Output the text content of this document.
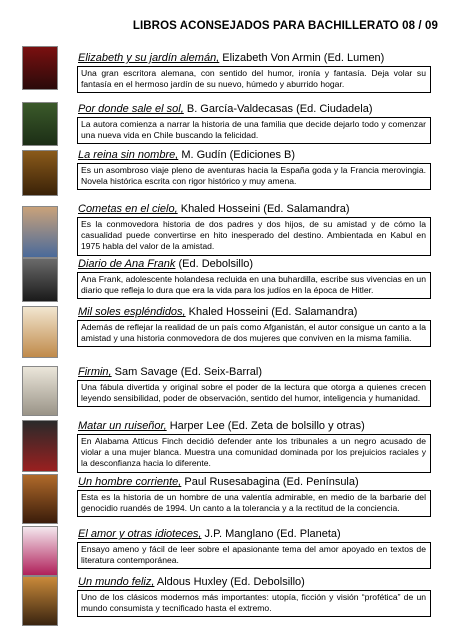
LIBROS ACONSEJADOS PARA BACHILLERATO 08 / 09
Elizabeth y su jardín alemán, Elizabeth Von Armin (Ed. Lumen)
Una gran escritora alemana, con sentido del humor, ironía y fantasía. Deja volar su fantasía en el hermoso jardín de su nuevo, húmedo y aburrido hogar.
Por donde sale el sol, B. García-Valdecasas (Ed. Ciudadela)
La autora comienza a narrar la historia de una familia que decide dejarlo todo y comenzar una nueva vida en Chile buscando la felicidad.
La reina sin nombre, M. Gudín (Ediciones B)
Es un asombroso viaje pleno de aventuras hacia la España goda y la Francia merovingia. Novela histórica escrita con rigor histórico y muy amena.
Cometas en el cielo, Khaled Hosseini (Ed. Salamandra)
Es la conmovedora historia de dos padres y dos hijos, de su amistad y de cómo la casualidad puede convertirse en hito inesperado del destino. Ambientada en Kabul en 1975 habla del valor de la amistad.
Diario de Ana Frank (Ed. Debolsillo)
Ana Frank, adolescente holandesa recluida en una buhardilla, escribe sus vivencias en un diario que refleja lo dura que era la vida para los judíos en la época de Hitler.
Mil soles espléndidos, Khaled Hosseini (Ed. Salamandra)
Además de reflejar la realidad de un país como Afganistán, el autor consigue un canto a la amistad y una historia conmovedora de dos mujeres que conviven en la misma familia.
Firmin, Sam Savage (Ed. Seix-Barral)
Una fábula divertida y original sobre el poder de la lectura que otorga a quienes crecen leyendo sensibilidad, poder de observación, sentido del humor, inteligencia y humanidad.
Matar un ruiseñor, Harper Lee (Ed. Zeta de bolsillo y otras)
En Alabama Atticus Finch decidió defender ante los tribunales a un negro acusado de violar a una mujer blanca. Muestra una comunidad dominada por los prejuicios raciales y la desconfianza hacia lo diferente.
Un hombre corriente, Paul Rusesabagina (Ed. Península)
Esta es la historia de un hombre de una valentía admirable, en medio de la barbarie del genocidio ruandés de 1994. Un canto a la tolerancia y a la rectitud de la conciencia.
El amor y otras idioteces, J.P. Manglano (Ed. Planeta)
Ensayo ameno y fácil de leer sobre el apasionante tema del amor apoyado en textos de literatura contemporánea.
Un mundo feliz, Aldous Huxley (Ed. Debolsillo)
Uno de los clásicos modernos más importantes: utopía, ficción y visión “profética” de un mundo consumista y tecnificado hasta el extremo.
